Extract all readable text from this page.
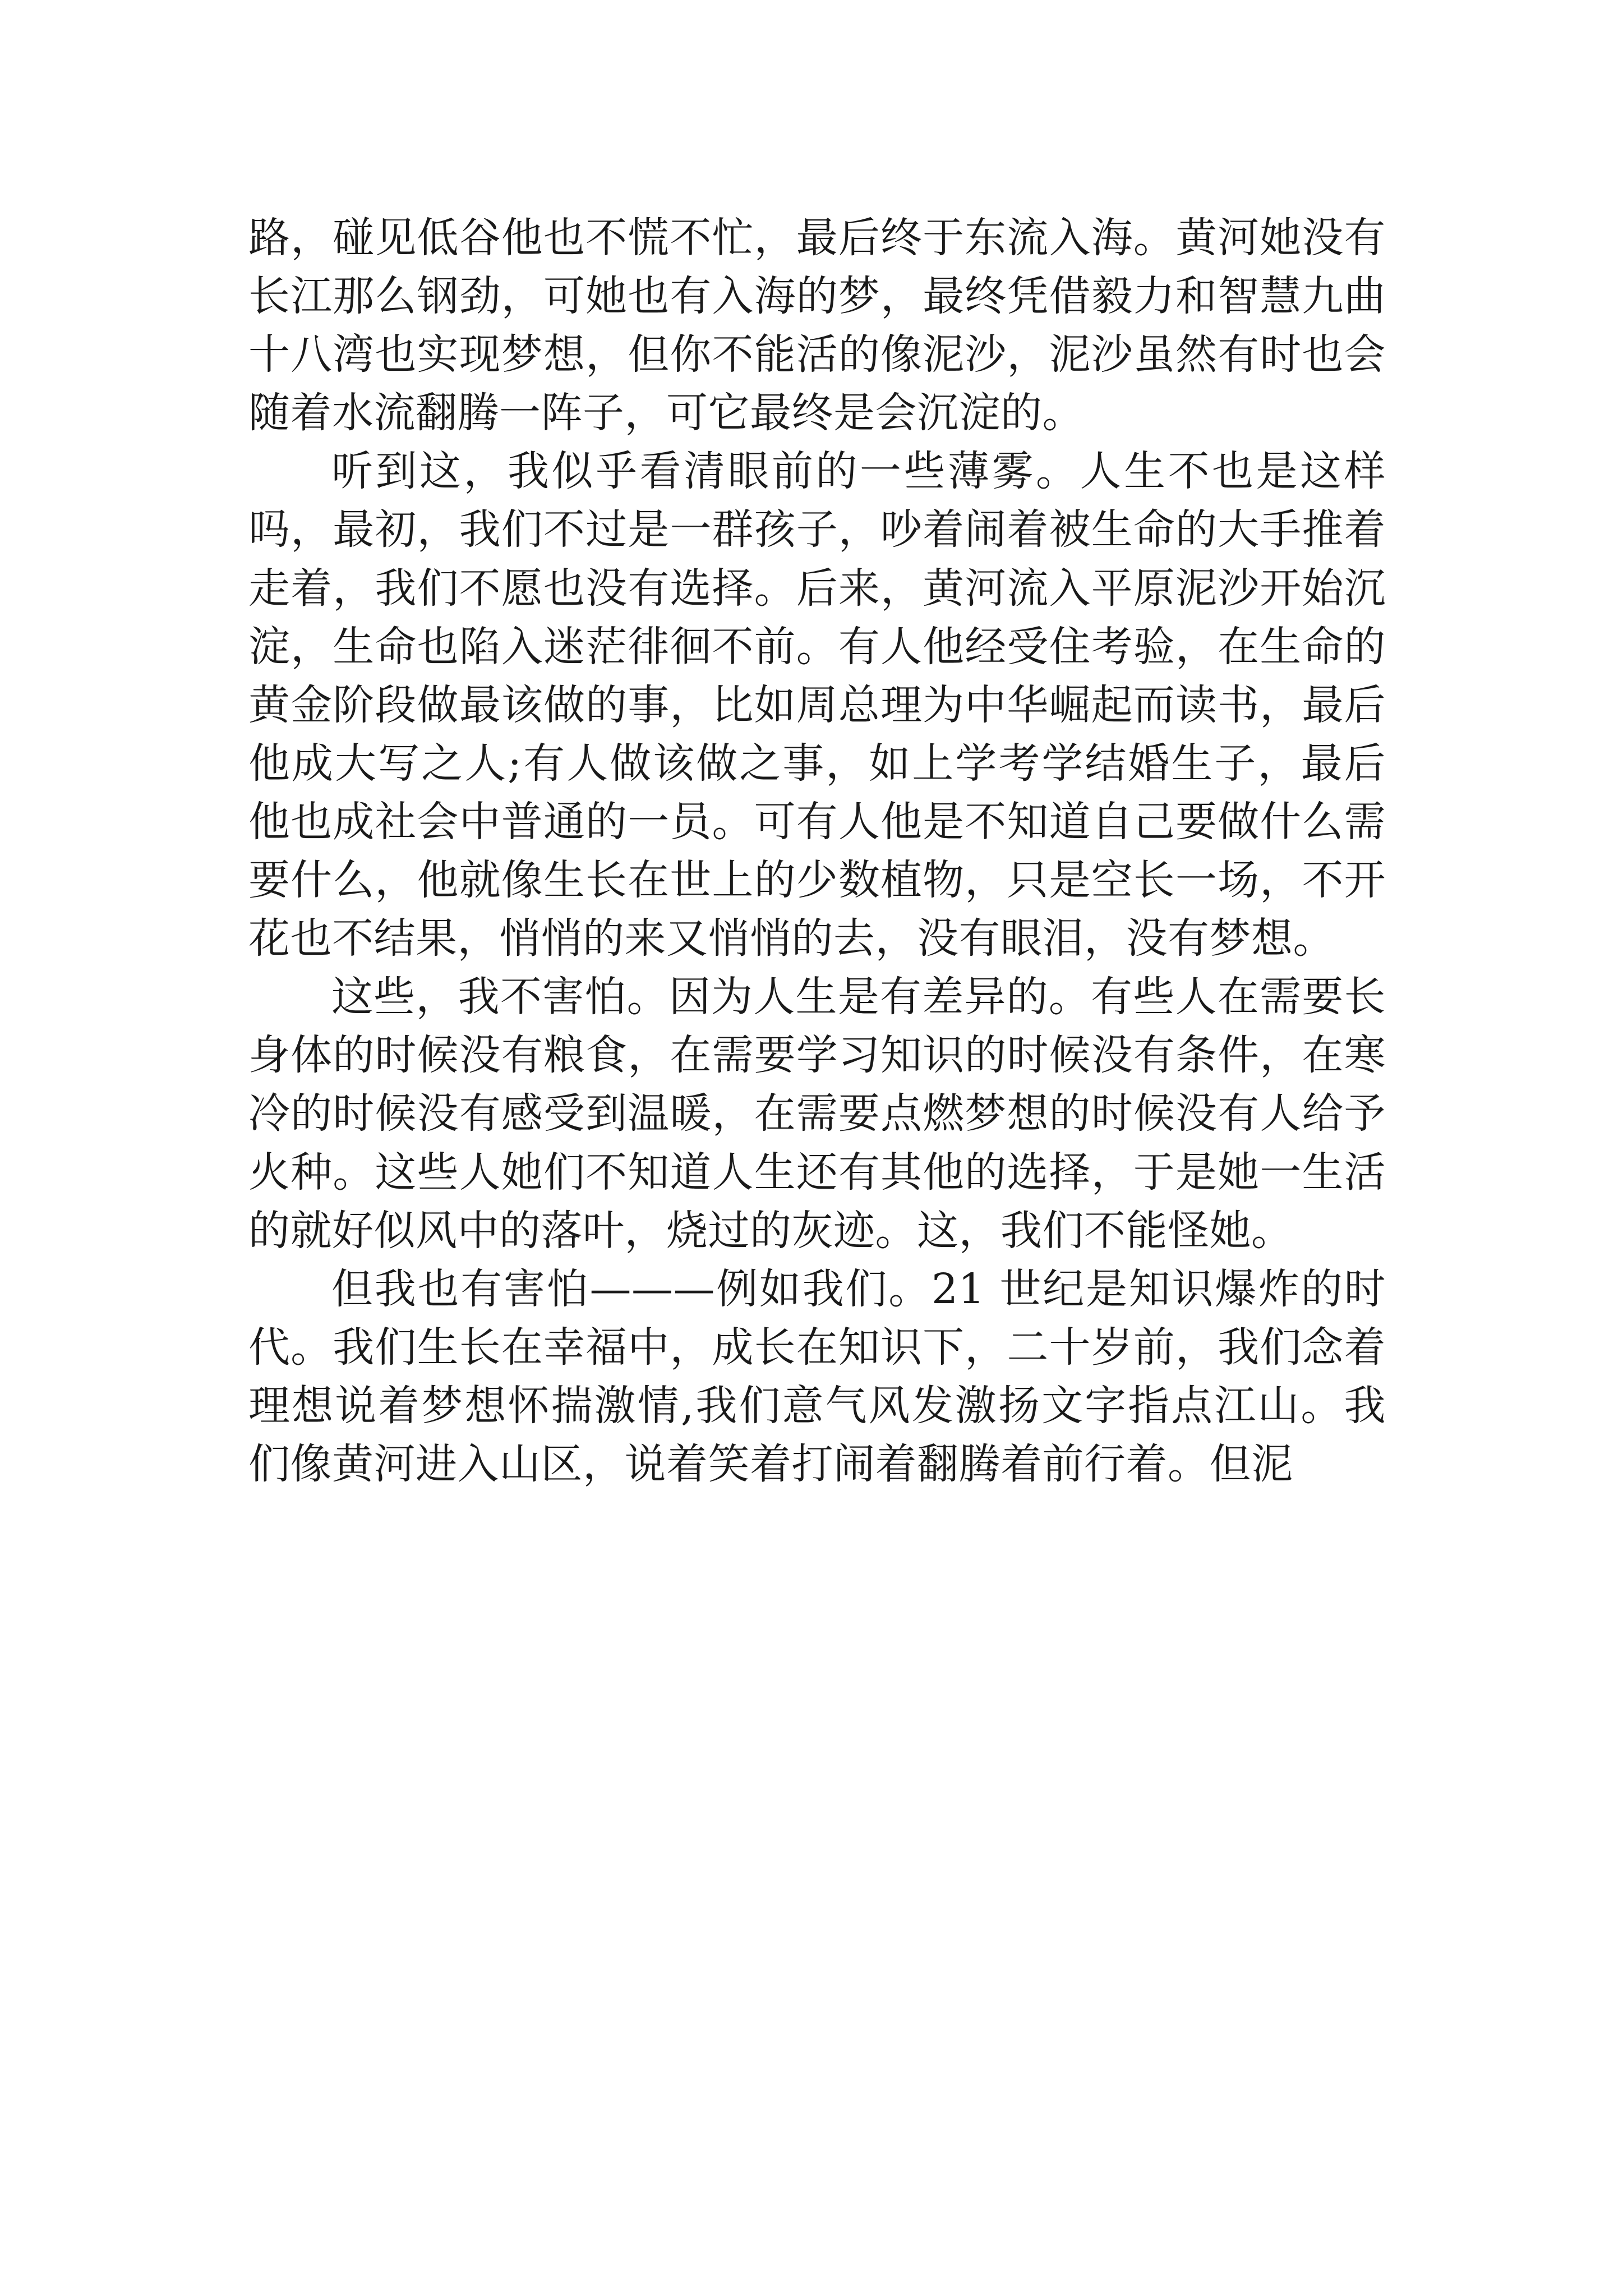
路，碰见低谷他也不慌不忙，最后终于东流入海。黄河她没有长江那么钢劲，可她也有入海的梦，最终凭借毅力和智慧九曲十八湾也实现梦想，但你不能活的像泥沙，泥沙虽然有时也会随着水流翻腾一阵子，可它最终是会沉淀的。

听到这，我似乎看清眼前的一些薄雾。人生不也是这样吗，最初，我们不过是一群孩子，吵着闹着被生命的大手推着走着，我们不愿也没有选择。后来，黄河流入平原泥沙开始沉淀，生命也陷入迷茫徘徊不前。有人他经受住考验，在生命的黄金阶段做最该做的事，比如周总理为中华崛起而读书，最后他成大写之人;有人做该做之事，如上学考学结婚生子，最后他也成社会中普通的一员。可有人他是不知道自己要做什么需要什么，他就像生长在世上的少数植物，只是空长一场，不开花也不结果，悄悄的来又悄悄的去，没有眼泪，没有梦想。

这些，我不害怕。因为人生是有差异的。有些人在需要长身体的时候没有粮食，在需要学习知识的时候没有条件，在寒冷的时候没有感受到温暖，在需要点燃梦想的时候没有人给予火种。这些人她们不知道人生还有其他的选择，于是她一生活的就好似风中的落叶，烧过的灰迹。这，我们不能怪她。

但我也有害怕———例如我们。21 世纪是知识爆炸的时代。我们生长在幸福中，成长在知识下，二十岁前，我们念着理想说着梦想怀揣激情,我们意气风发激扬文字指点江山。我们像黄河进入山区，说着笑着打闹着翻腾着前行着。但泥
